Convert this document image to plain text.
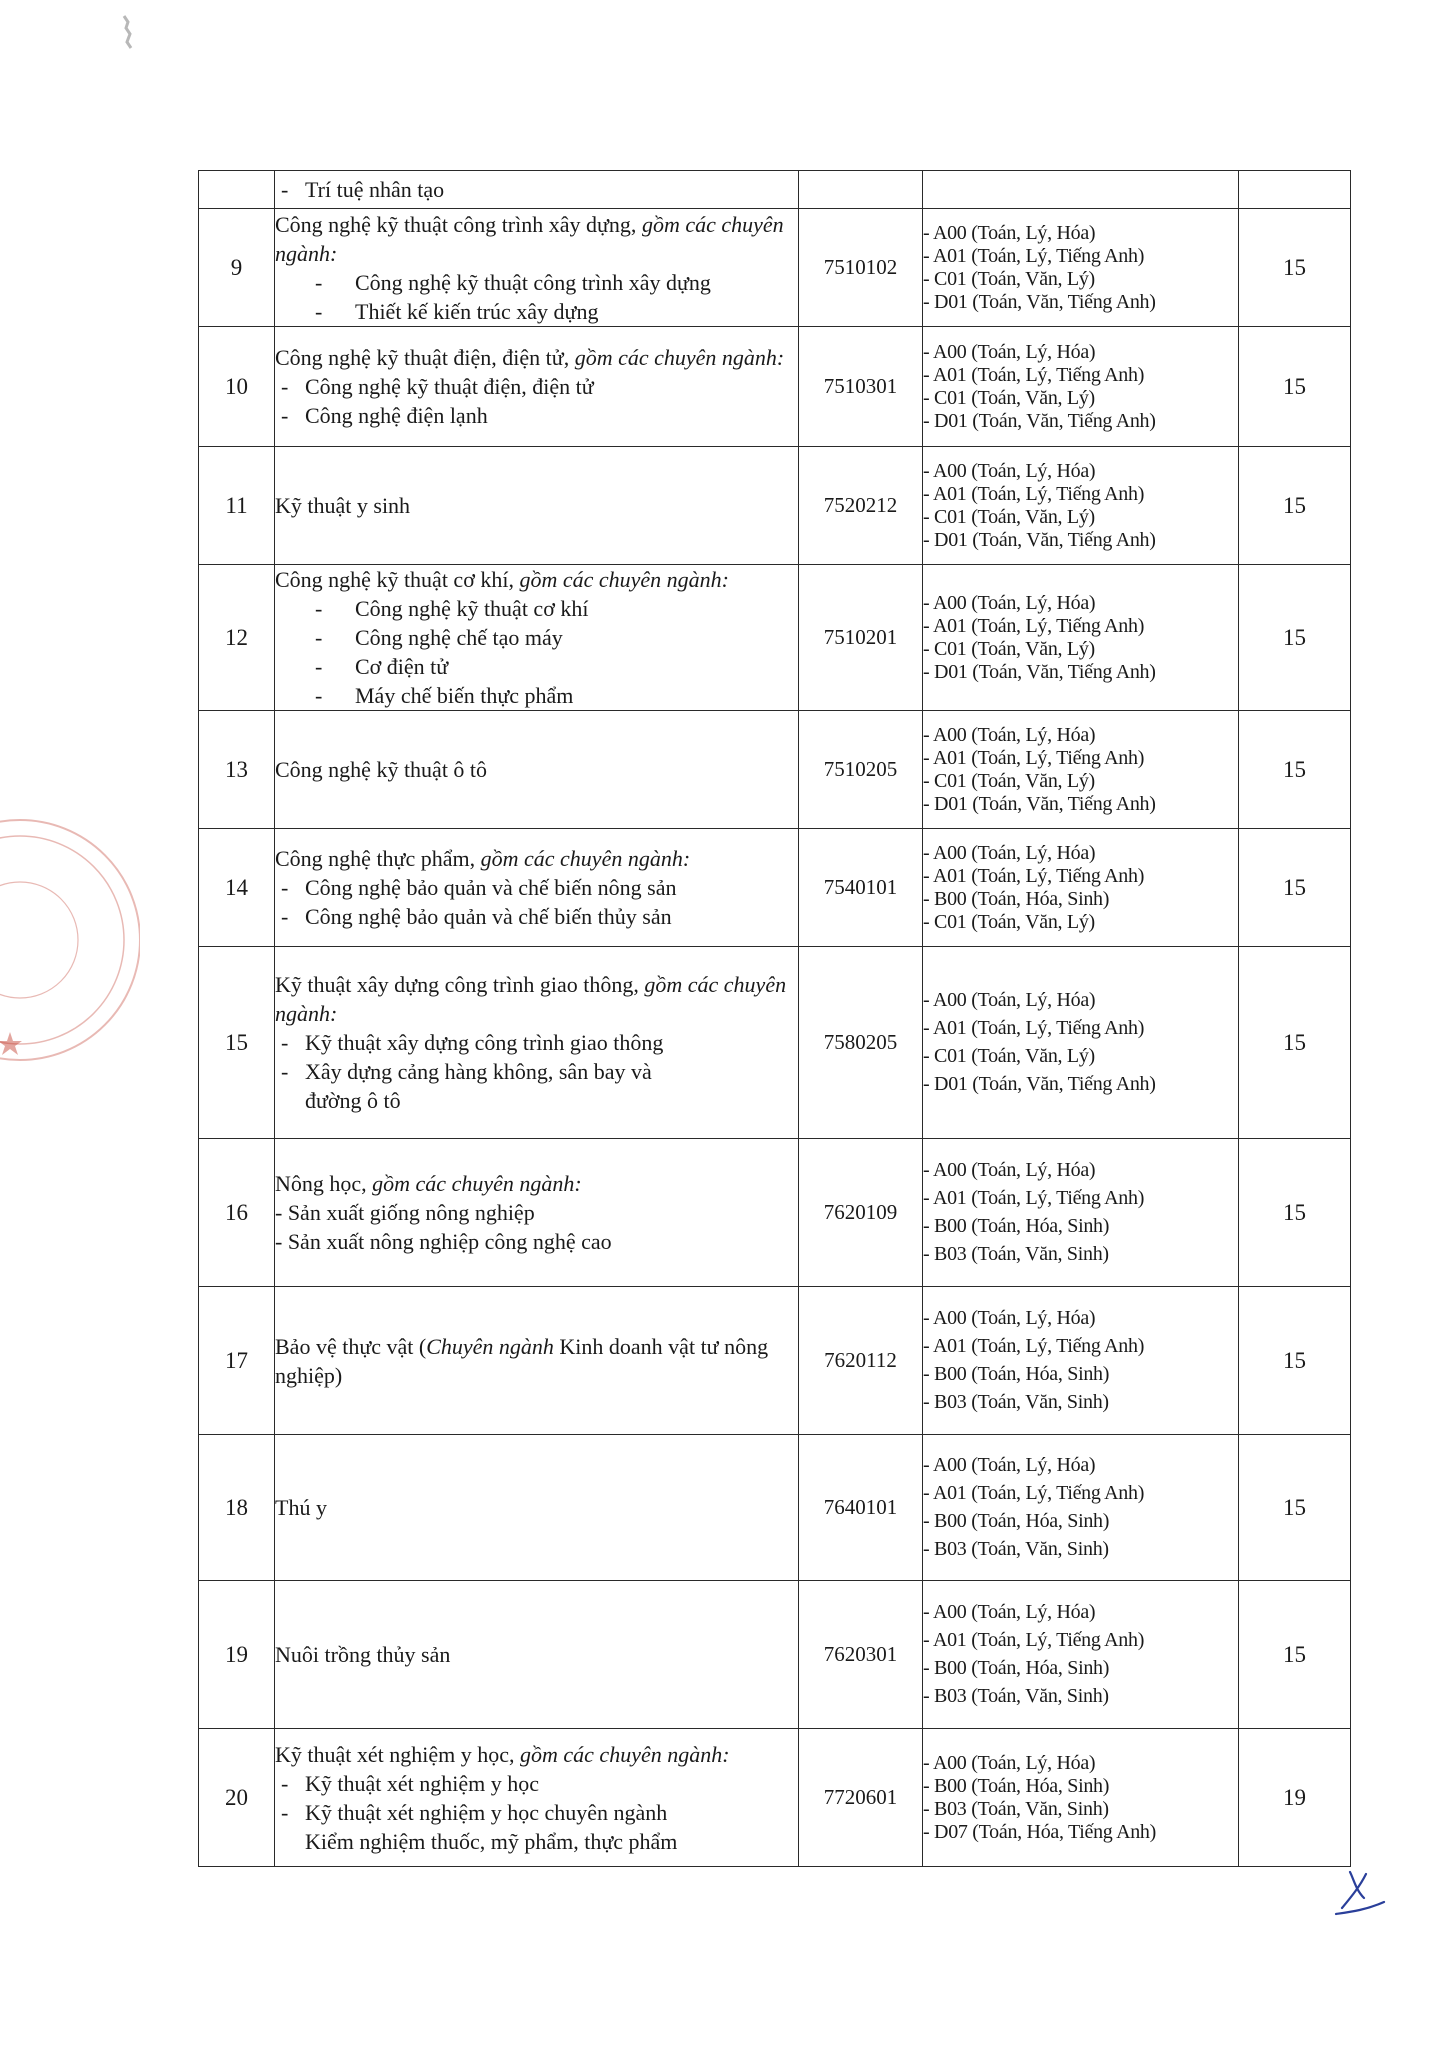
	- Trí tuệ nhân tạo

9	Công nghệ kỹ thuật công trình xây dựng, gồm các chuyên ngành:
- Công nghệ kỹ thuật công trình xây dựng
- Thiết kế kiến trúc xây dựng	7510102	- A00 (Toán, Lý, Hóa)
- A01 (Toán, Lý, Tiếng Anh)
- C01 (Toán, Văn, Lý)
- D01 (Toán, Văn, Tiếng Anh)	15
10	Công nghệ kỹ thuật điện, điện tử, gồm các chuyên ngành:
- Công nghệ kỹ thuật điện, điện tử
- Công nghệ điện lạnh	7510301	- A00 (Toán, Lý, Hóa)
- A01 (Toán, Lý, Tiếng Anh)
- C01 (Toán, Văn, Lý)
- D01 (Toán, Văn, Tiếng Anh)	15
11	Kỹ thuật y sinh	7520212	- A00 (Toán, Lý, Hóa)
- A01 (Toán, Lý, Tiếng Anh)
- C01 (Toán, Văn, Lý)
- D01 (Toán, Văn, Tiếng Anh)	15
12	Công nghệ kỹ thuật cơ khí, gồm các chuyên ngành:
- Công nghệ kỹ thuật cơ khí
- Công nghệ chế tạo máy
- Cơ điện tử
- Máy chế biến thực phẩm	7510201	- A00 (Toán, Lý, Hóa)
- A01 (Toán, Lý, Tiếng Anh)
- C01 (Toán, Văn, Lý)
- D01 (Toán, Văn, Tiếng Anh)	15
13	Công nghệ kỹ thuật ô tô	7510205	- A00 (Toán, Lý, Hóa)
- A01 (Toán, Lý, Tiếng Anh)
- C01 (Toán, Văn, Lý)
- D01 (Toán, Văn, Tiếng Anh)	15
14	Công nghệ thực phẩm, gồm các chuyên ngành:
- Công nghệ bảo quản và chế biến nông sản
- Công nghệ bảo quản và chế biến thủy sản	7540101	- A00 (Toán, Lý, Hóa)
- A01 (Toán, Lý, Tiếng Anh)
- B00 (Toán, Hóa, Sinh)
- C01 (Toán, Văn, Lý)	15
15	Kỹ thuật xây dựng công trình giao thông, gồm các chuyên ngành:
- Kỹ thuật xây dựng công trình giao thông
- Xây dựng cảng hàng không, sân bay và
đường ô tô	7580205	- A00 (Toán, Lý, Hóa)
- A01 (Toán, Lý, Tiếng Anh)
- C01 (Toán, Văn, Lý)
- D01 (Toán, Văn, Tiếng Anh)	15
16	Nông học, gồm các chuyên ngành:
- Sản xuất giống nông nghiệp
- Sản xuất nông nghiệp công nghệ cao	7620109	- A00 (Toán, Lý, Hóa)
- A01 (Toán, Lý, Tiếng Anh)
- B00 (Toán, Hóa, Sinh)
- B03 (Toán, Văn, Sinh)	15
17	Bảo vệ thực vật (Chuyên ngành Kinh doanh vật tư nông nghiệp)	7620112	- A00 (Toán, Lý, Hóa)
- A01 (Toán, Lý, Tiếng Anh)
- B00 (Toán, Hóa, Sinh)
- B03 (Toán, Văn, Sinh)	15
18	Thú y	7640101	- A00 (Toán, Lý, Hóa)
- A01 (Toán, Lý, Tiếng Anh)
- B00 (Toán, Hóa, Sinh)
- B03 (Toán, Văn, Sinh)	15
19	Nuôi trồng thủy sản	7620301	- A00 (Toán, Lý, Hóa)
- A01 (Toán, Lý, Tiếng Anh)
- B00 (Toán, Hóa, Sinh)
- B03 (Toán, Văn, Sinh)	15
20	Kỹ thuật xét nghiệm y học, gồm các chuyên ngành:
- Kỹ thuật xét nghiệm y học
- Kỹ thuật xét nghiệm y học chuyên ngành
Kiểm nghiệm thuốc, mỹ phẩm, thực phẩm	7720601	- A00 (Toán, Lý, Hóa)
- B00 (Toán, Hóa, Sinh)
- B03 (Toán, Văn, Sinh)
- D07 (Toán, Hóa, Tiếng Anh)	19
